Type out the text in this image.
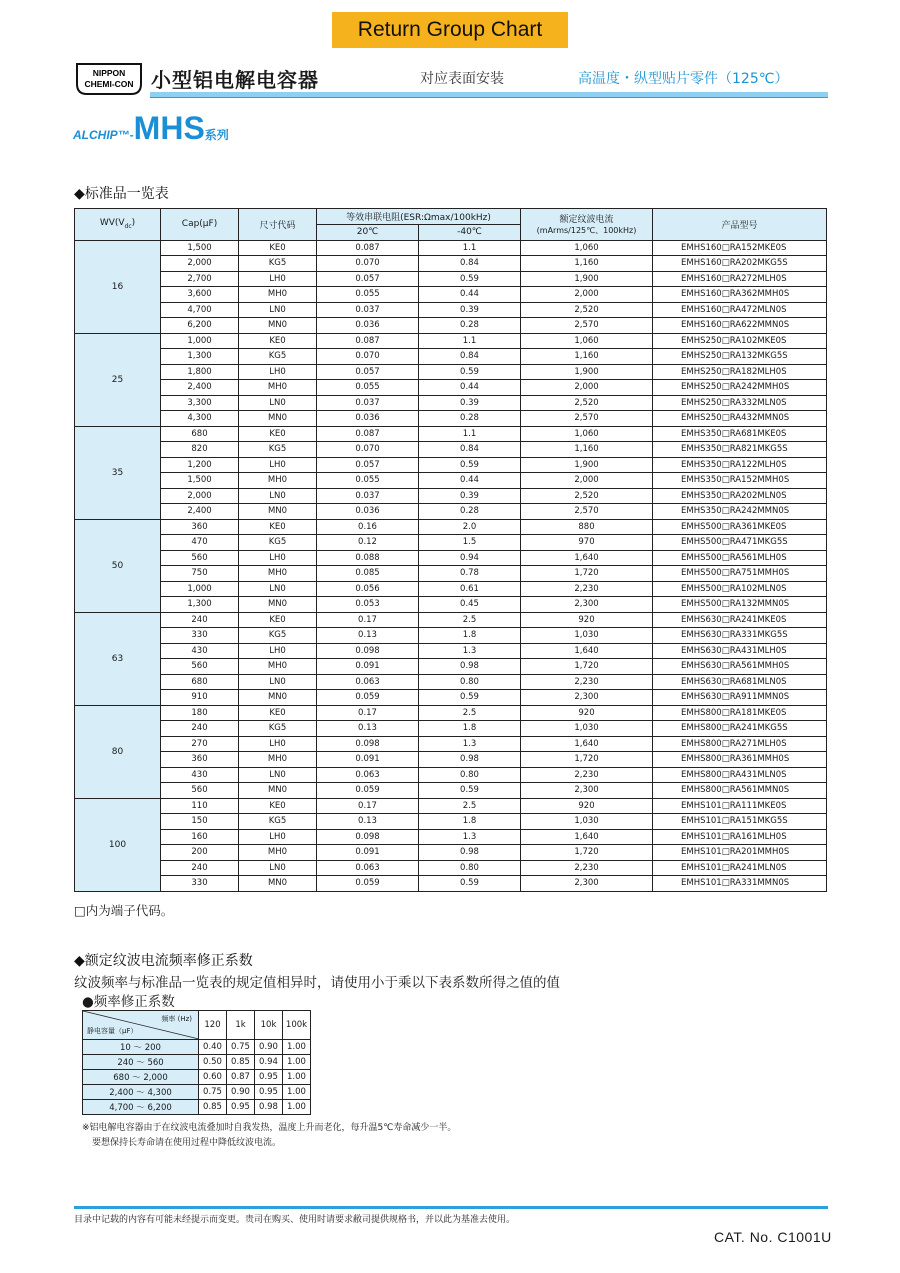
Return Group Chart
NIPPON
CHEMI-CON 小型铝电解电容器	对应表面安装	高温度・纵型贴片零件（125℃）
ALCHIP™-MHS系列
◆标准品一览表
$WV(V_{dc})$	Cap(μF)	尺寸代码	等效串联电阻(ESR:Ωmax/100kHz)		额定纹波电流
(mArms/125℃、100kHz)	产品型号
			20℃	-40℃		
16	1,500	KE0	0.087	1.1	1,060	EMHS160□RA152MKE0S
	2,000	KG5	0.070	0.84	1,160	EMHS160□RA202MKG5S
	2,700	LH0	0.057	0.59	1,900	EMHS160□RA272MLH0S
	3,600	MH0	0.055	0.44	2,000	EMHS160□RA362MMH0S
	4,700	LN0	0.037	0.39	2,520	EMHS160□RA472MLN0S
	6,200	MN0	0.036	0.28	2,570	EMHS160□RA622MMN0S
25	1,000	KE0	0.087	1.1	1,060	EMHS250□RA102MKE0S
	1,300	KG5	0.070	0.84	1,160	EMHS250□RA132MKG5S
	1,800	LH0	0.057	0.59	1,900	EMHS250□RA182MLH0S
	2,400	MH0	0.055	0.44	2,000	EMHS250□RA242MMH0S
	3,300	LN0	0.037	0.39	2,520	EMHS250□RA332MLN0S
	4,300	MN0	0.036	0.28	2,570	EMHS250□RA432MMN0S
35	680	KE0	0.087	1.1	1,060	EMHS350□RA681MKE0S
	820	KG5	0.070	0.84	1,160	EMHS350□RA821MKG5S
	1,200	LH0	0.057	0.59	1,900	EMHS350□RA122MLH0S
	1,500	MH0	0.055	0.44	2,000	EMHS350□RA152MMH0S
	2,000	LN0	0.037	0.39	2,520	EMHS350□RA202MLN0S
	2,400	MN0	0.036	0.28	2,570	EMHS350□RA242MMN0S
50	360	KE0	0.16	2.0	880	EMHS500□RA361MKE0S
	470	KG5	0.12	1.5	970	EMHS500□RA471MKG5S
	560	LH0	0.088	0.94	1,640	EMHS500□RA561MLH0S
	750	MH0	0.085	0.78	1,720	EMHS500□RA751MMH0S
	1,000	LN0	0.056	0.61	2,230	EMHS500□RA102MLN0S
	1,300	MN0	0.053	0.45	2,300	EMHS500□RA132MMN0S
63	240	KE0	0.17	2.5	920	EMHS630□RA241MKE0S
	330	KG5	0.13	1.8	1,030	EMHS630□RA331MKG5S
	430	LH0	0.098	1.3	1,640	EMHS630□RA431MLH0S
	560	MH0	0.091	0.98	1,720	EMHS630□RA561MMH0S
	680	LN0	0.063	0.80	2,230	EMHS630□RA681MLN0S
	910	MN0	0.059	0.59	2,300	EMHS630□RA911MMN0S
80	180	KE0	0.17	2.5	920	EMHS800□RA181MKE0S
	240	KG5	0.13	1.8	1,030	EMHS800□RA241MKG5S
	270	LH0	0.098	1.3	1,640	EMHS800□RA271MLH0S
	360	MH0	0.091	0.98	1,720	EMHS800□RA361MMH0S
	430	LN0	0.063	0.80	2,230	EMHS800□RA431MLN0S
	560	MN0	0.059	0.59	2,300	EMHS800□RA561MMN0S
100	110	KE0	0.17	2.5	920	EMHS101□RA111MKE0S
	150	KG5	0.13	1.8	1,030	EMHS101□RA151MKG5S
	160	LH0	0.098	1.3	1,640	EMHS101□RA161MLH0S
	200	MH0	0.091	0.98	1,720	EMHS101□RA201MMH0S
	240	LN0	0.063	0.80	2,230	EMHS101□RA241MLN0S
	330	MN0	0.059	0.59	2,300	EMHS101□RA331MMN0S
□内为端子代码。
◆额定纹波电流频率修正系数
纹波频率与标准品一览表的规定值相异时，请使用小于乘以下表系数所得之值的值
●频率修正系数
频率 (Hz)
静电容量（μF）	120	1k	10k	100k
10 〜 200	0.40	0.75	0.90	1.00
240 〜 560	0.50	0.85	0.94	1.00
680 〜 2,000	0.60	0.87	0.95	1.00
2,400 〜 4,300	0.75	0.90	0.95	1.00
4,700 〜 6,200	0.85	0.95	0.98	1.00
※铝电解电容器由于在纹波电流叠加时自我发热，温度上升而老化，每升温5℃寿命减少一半。
要想保持长寿命请在使用过程中降低纹波电流。
目录中记载的内容有可能未经提示而变更。贵司在购买、使用时请要求敝司提供规格书，并以此为基准去使用。
CAT. No. C1001U
